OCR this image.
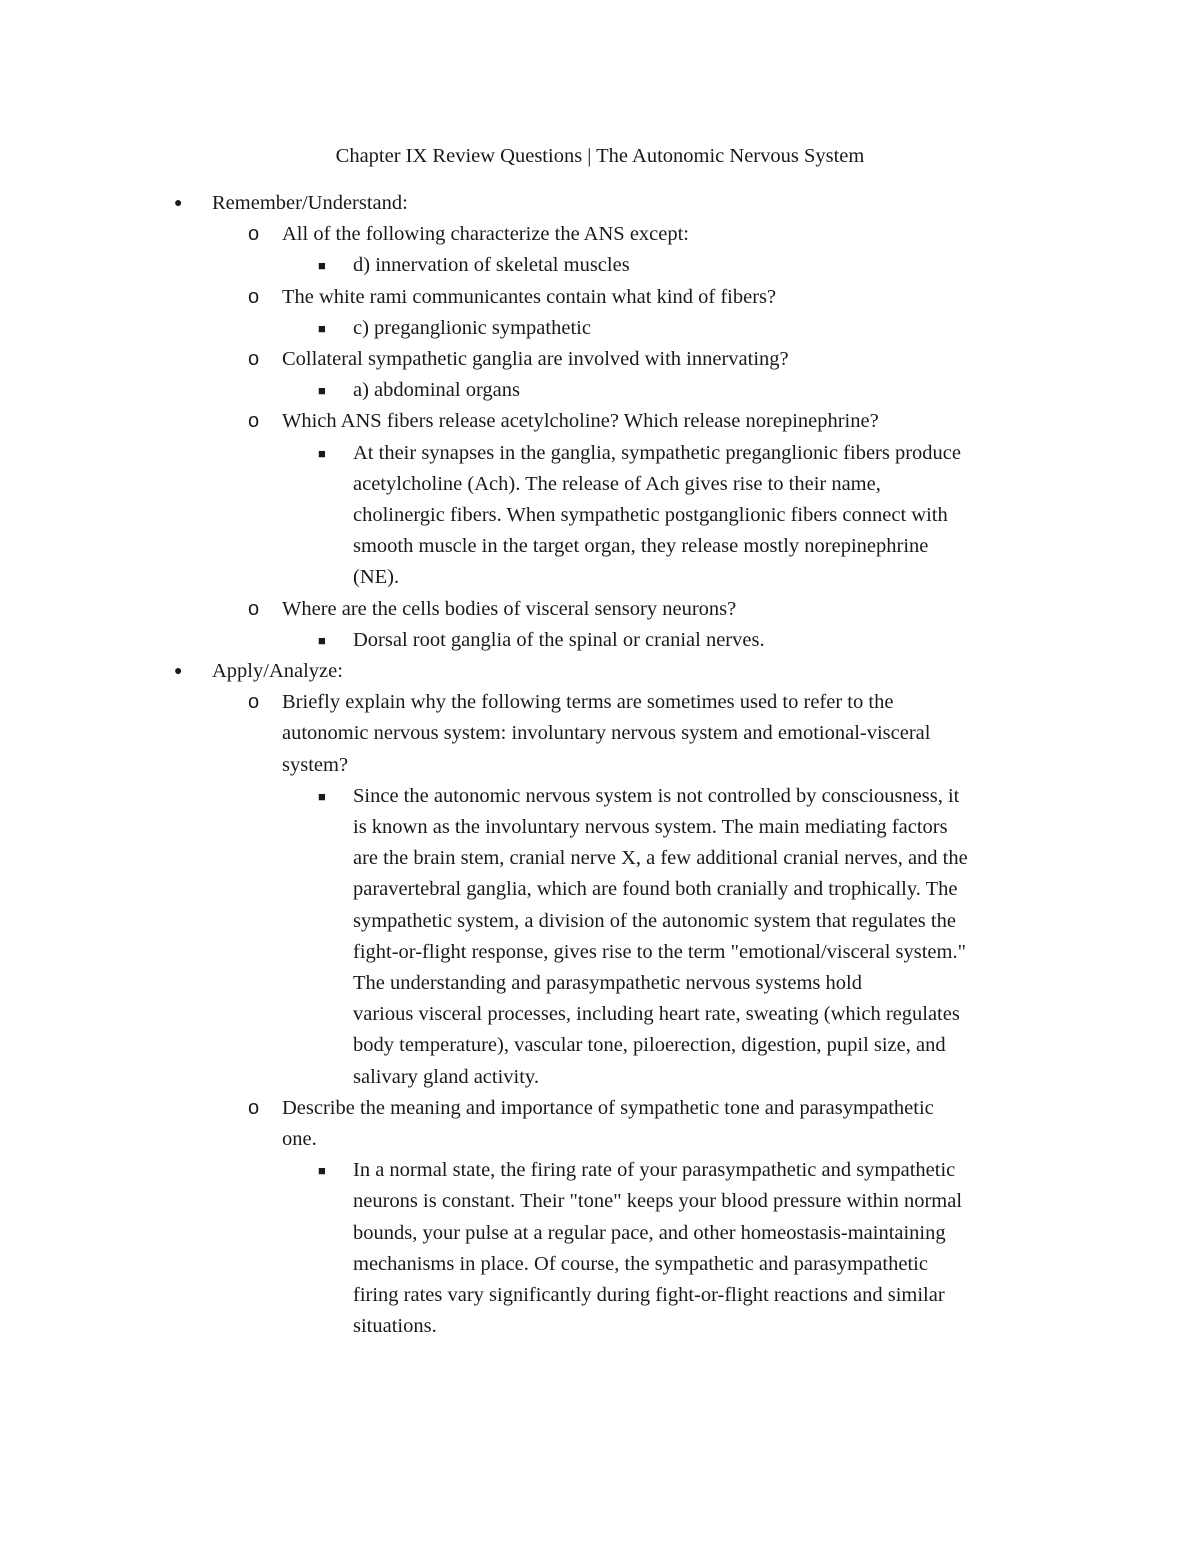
Chapter IX Review Questions | The Autonomic Nervous System
● Remember/Understand:
o All of the following characterize the ANS except:
■ d) innervation of skeletal muscles
o The white rami communicantes contain what kind of fibers?
■ c) preganglionic sympathetic
o Collateral sympathetic ganglia are involved with innervating?
■ a) abdominal organs
o Which ANS fibers release acetylcholine? Which release norepinephrine?
■ At their synapses in the ganglia, sympathetic preganglionic fibers produce
acetylcholine (Ach). The release of Ach gives rise to their name,
cholinergic fibers. When sympathetic postganglionic fibers connect with
smooth muscle in the target organ, they release mostly norepinephrine
(NE).
o Where are the cells bodies of visceral sensory neurons?
■ Dorsal root ganglia of the spinal or cranial nerves.
● Apply/Analyze:
o Briefly explain why the following terms are sometimes used to refer to the
autonomic nervous system: involuntary nervous system and emotional-visceral
system?
■ Since the autonomic nervous system is not controlled by consciousness, it
is known as the involuntary nervous system. The main mediating factors
are the brain stem, cranial nerve X, a few additional cranial nerves, and the
paravertebral ganglia, which are found both cranially and trophically. The
sympathetic system, a division of the autonomic system that regulates the
fight-or-flight response, gives rise to the term "emotional/visceral system."
The understanding and parasympathetic nervous systems hold
various visceral processes, including heart rate, sweating (which regulates
body temperature), vascular tone, piloerection, digestion, pupil size, and
salivary gland activity.
o Describe the meaning and importance of sympathetic tone and parasympathetic
one.
■ In a normal state, the firing rate of your parasympathetic and sympathetic
neurons is constant. Their "tone" keeps your blood pressure within normal
bounds, your pulse at a regular pace, and other homeostasis-maintaining
mechanisms in place. Of course, the sympathetic and parasympathetic
firing rates vary significantly during fight-or-flight reactions and similar
situations.
